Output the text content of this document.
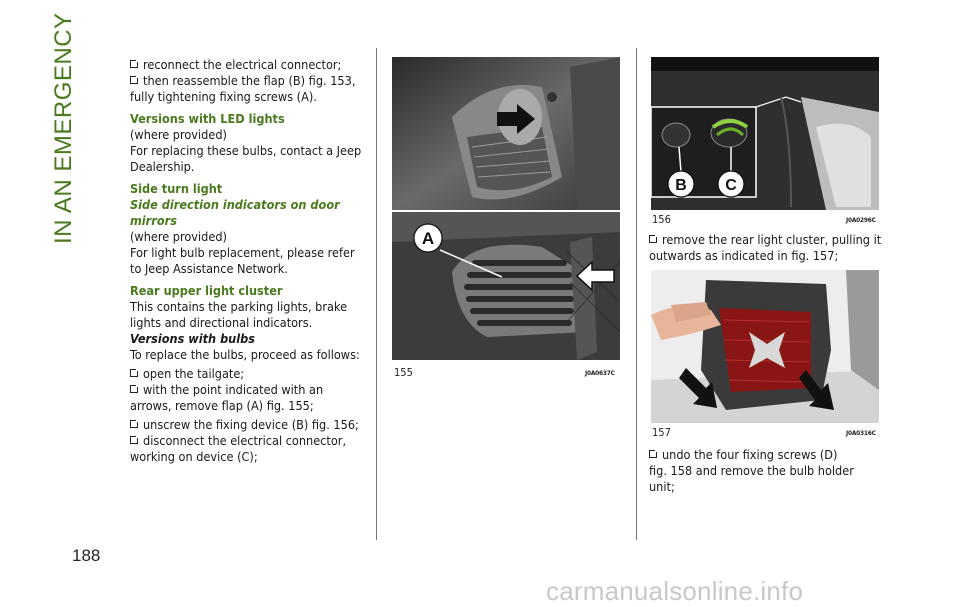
IN AN EMERGENCY
188
carmanualsonline.info

reconnect the electrical connector;

then reassemble the flap (B) fig. 153,

fully tightening fixing screws (A).

Versions with LED lights

(where provided)

For replacing these bulbs, contact a Jeep

Dealership.

Side turn light

Side direction indicators on door mirrors

(where provided)

For light bulb replacement, please refer

to Jeep Assistance Network.

Rear upper light cluster

This contains the parking lights, brake

lights and directional indicators.

Versions with bulbs

To replace the bulbs, proceed as follows:

open the tailgate;

with the point indicated with an

arrows, remove flap (A) fig. 155;

unscrew the fixing device (B) fig. 156;

disconnect the electrical connector,

working on device (C);

A
155	J0A0637C
B C
156	J0A0296C

remove the rear light cluster, pulling it

outwards as indicated in fig. 157;

157	J0A0316C

undo the four fixing screws (D)

fig. 158 and remove the bulb holder

unit;
